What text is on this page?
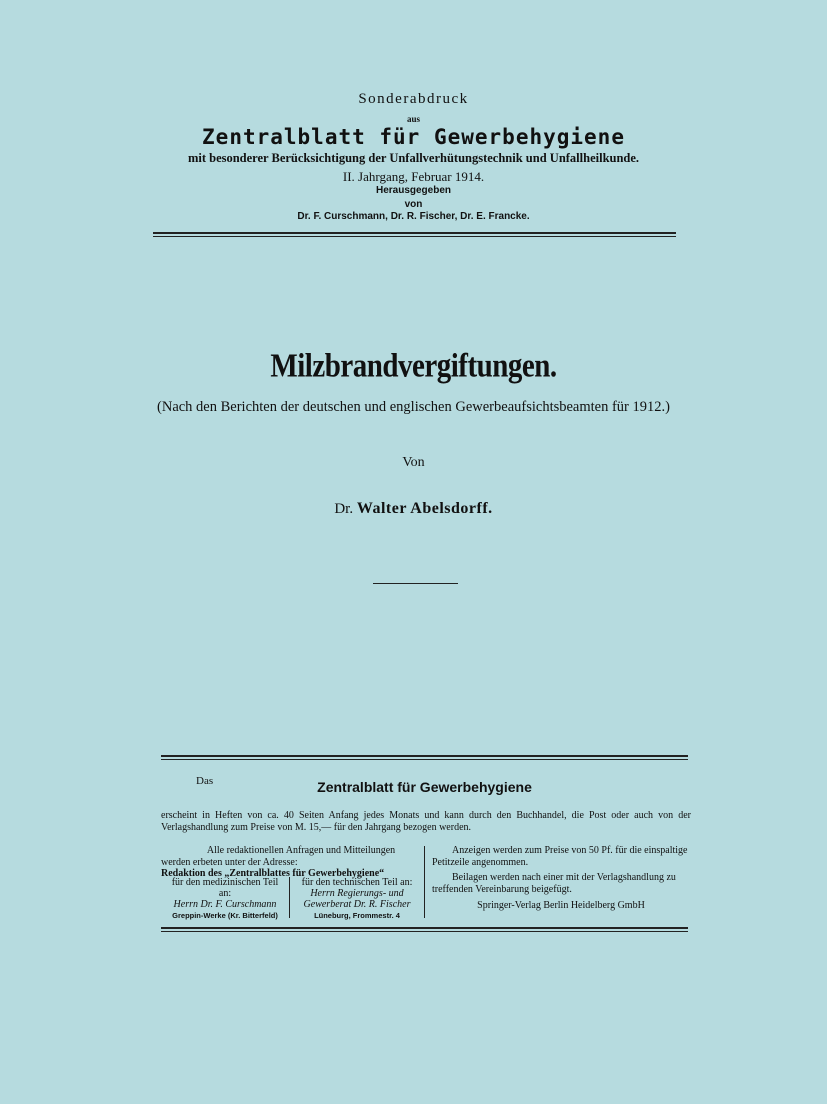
Sonderabdruck
aus
Zentralblatt für Gewerbehygiene
mit besonderer Berücksichtigung der Unfallverhütungstechnik und Unfallheilkunde.
II. Jahrgang, Februar 1914.
Herausgegeben
von
Dr. F. Curschmann, Dr. R. Fischer, Dr. E. Francke.
Milzbrandvergiftungen.
(Nach den Berichten der deutschen und englischen Gewerbeaufsichtsbeamten für 1912.)
Von
Dr. Walter Abelsdorff.
Das	Zentralblatt für Gewerbehygiene
erscheint in Heften von ca. 40 Seiten Anfang jedes Monats und kann durch den Buchhandel, die Post oder auch von der Verlagshandlung zum Preise von M. 15,— für den Jahrgang bezogen werden.
Alle redaktionellen Anfragen und Mitteilungen
werden erbeten unter der Adresse:
Redaktion des „Zentralblattes für Gewerbehygiene“
für den medizinischen Teil
an:
Herrn Dr. F. Curschmann
Greppin-Werke (Kr. Bitterfeld)
für den technischen Teil an:
Herrn Regierungs- und
Gewerberat Dr. R. Fischer
Lüneburg, Frommestr. 4

Anzeigen werden zum Preise von 50 Pf. für die einspaltige Petitzeile angenommen.

Beilagen werden nach einer mit der Verlagshandlung zu treffenden Vereinbarung beigefügt.

Springer-Verlag Berlin Heidelberg GmbH
